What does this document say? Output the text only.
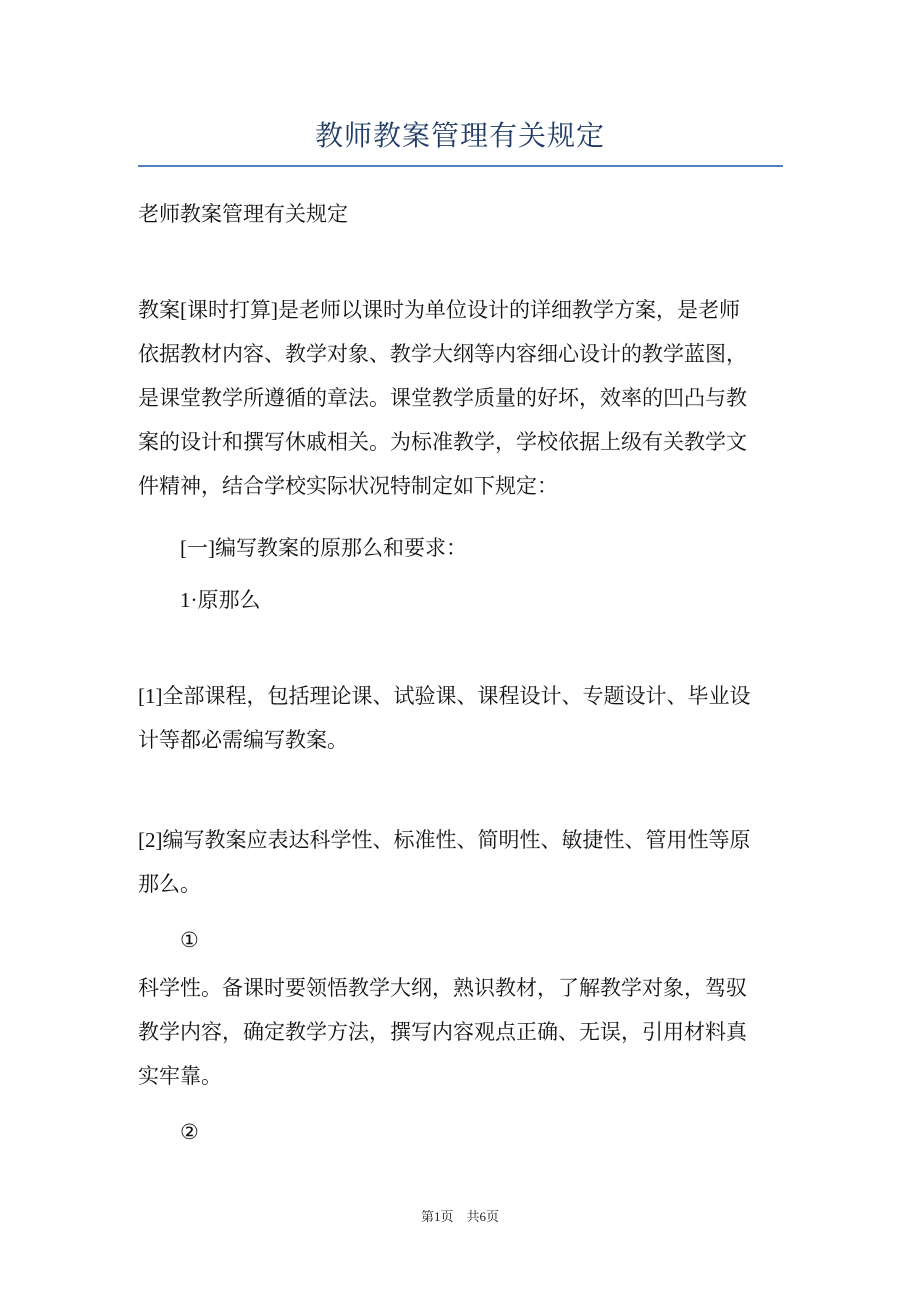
教师教案管理有关规定
老师教案管理有关规定
教案[课时打算]是老师以课时为单位设计的详细教学方案，是老师
依据教材内容、教学对象、教学大纲等内容细心设计的教学蓝图，
是课堂教学所遵循的章法。课堂教学质量的好坏，效率的凹凸与教
案的设计和撰写休戚相关。为标准教学，学校依据上级有关教学文
件精神，结合学校实际状况特制定如下规定：
[一]编写教案的原那么和要求：
1·原那么
[1]全部课程，包括理论课、试验课、课程设计、专题设计、毕业设
计等都必需编写教案。
[2]编写教案应表达科学性、标准性、简明性、敏捷性、管用性等原
那么。
①
科学性。备课时要领悟教学大纲，熟识教材，了解教学对象，驾驭
教学内容，确定教学方法，撰写内容观点正确、无误，引用材料真
实牢靠。
②
第1页　共6页
